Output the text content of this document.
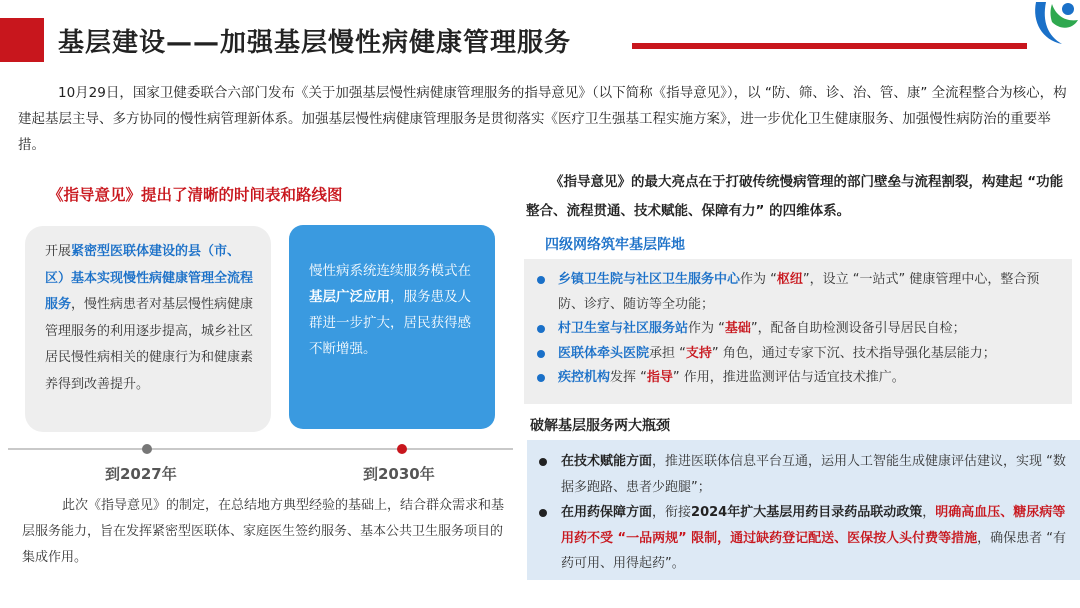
基层建设——加强基层慢性病健康管理服务

10月29日，国家卫健委联合六部门发布《关于加强基层慢性病健康管理服务的指导意见》（以下简称《指导意见》），以 “防、筛、诊、治、管、康” 全流程整合为核心，构建起基层主导、多方协同的慢性病管理新体系。加强基层慢性病健康管理服务是贯彻落实《医疗卫生强基工程实施方案》，进一步优化卫生健康服务、加强慢性病防治的重要举措。

《指导意见》提出了清晰的时间表和路线图
开展紧密型医联体建设的县（市、区）基本实现慢性病健康管理全流程服务，慢性病患者对基层慢性病健康管理服务的利用逐步提高，城乡社区居民慢性病相关的健康行为和健康素养得到改善提升。
慢性病系统连续服务模式在基层广泛应用，服务患及人群进一步扩大，居民获得感不断增强。
到2027年	到2030年

此次《指导意见》的制定，在总结地方典型经验的基础上，结合群众需求和基层服务能力，旨在发挥紧密型医联体、家庭医生签约服务、基本公共卫生服务项目的集成作用。

《指导意见》的最大亮点在于打破传统慢病管理的部门壁垒与流程割裂，构建起 “功能整合、流程贯通、技术赋能、保障有力” 的四维体系。

四级网络筑牢基层阵地
乡镇卫生院与社区卫生服务中心作为 “枢纽”，设立 “一站式” 健康管理中心，整合预防、诊疗、随访等全功能；
村卫生室与社区服务站作为 “基础”，配备自助检测设备引导居民自检；
医联体牵头医院承担 “支持” 角色，通过专家下沉、技术指导强化基层能力；
疾控机构发挥 “指导” 作用，推进监测评估与适宜技术推广。
破解基层服务两大瓶颈
在技术赋能方面，推进医联体信息平台互通，运用人工智能生成健康评估建议，实现 “数据多跑路、患者少跑腿”；
在用药保障方面，衔接2024年扩大基层用药目录药品联动政策，明确高血压、糖尿病等用药不受 “一品两规” 限制，通过缺药登记配送、医保按人头付费等措施，确保患者 “有药可用、用得起药”。
